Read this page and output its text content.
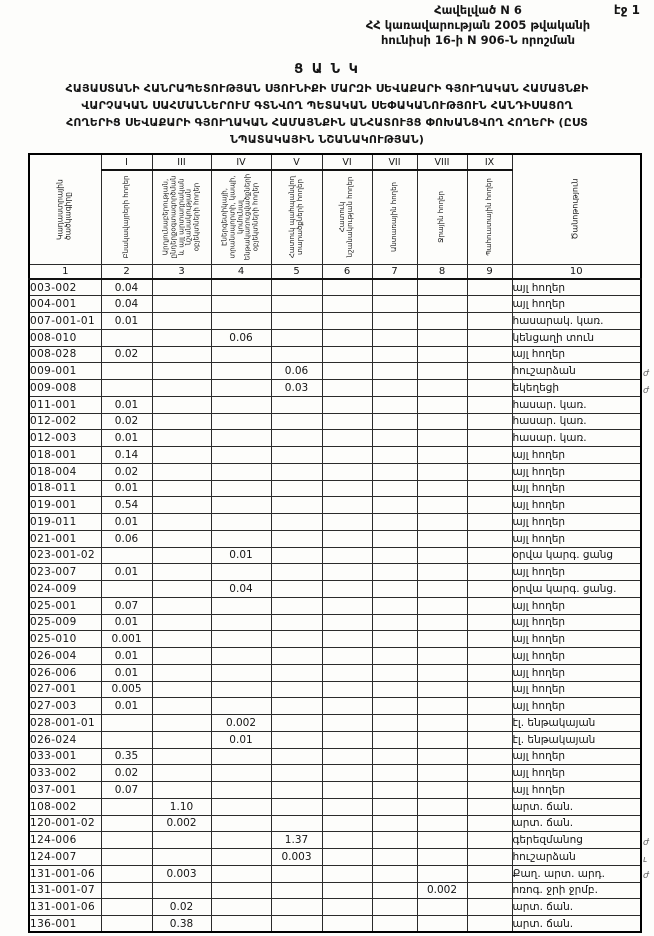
էջ 1
Հավելված N 6
ՀՀ կառավարության 2005 թվականի
հունիսի 16-ի N 906-Ն որոշման
Ց Ա Ն Կ
ՀԱՅԱՍՏԱՆԻ ՀԱՆՐԱՊԵՏՈՒԹՅԱՆ ՍՅՈՒՆԻՔԻ ՄԱՐԶԻ ՍԵՎԱՔԱՐԻ ԳՅՈՒՂԱԿԱՆ ՀԱՄԱՅՆՔԻ
ՎԱՐՉԱԿԱՆ ՍԱՀՄԱՆՆԵՐՈՒՄ ԳՏՆՎՈՂ ՊԵՏԱԿԱՆ ՍԵՓԱԿԱՆՈՒԹՅՈՒՆ ՀԱՆԴԻՍԱՑՈՂ
ՀՈՂԵՐԻՑ ՍԵՎԱՔԱՐԻ ԳՅՈՒՂԱԿԱՆ ՀԱՄԱՅՆՔԻՆ ԱՆՀԱՏՈՒՅՑ ՓՈԽԱՆՑՎՈՂ ՀՈՂԵՐԻ (ԸՍՏ
ՆՊԱՏԱԿԱՅԻՆ ՆՇԱՆԱԿՈՒԹՅԱՆ)
Կադաստրային ծածկագիրը	I	III	IV	V	VI	VII	VIII	IX	Ծանոթություն

	Բնակավայրերի հողեր	Արդյունաբերության, ընդերքօգտագործման և այլ արտադրական նշանակության օբյեկտների հողեր	Էներգետիկայի, տրանսպորտի, կապի, կոմունալ ենթակառուցվածքների օբյեկտների հողեր	Հատուկ պահպանվող տարածքների հողեր	Հատուկ նշանակության հողեր	Անտառային հողեր	Ջրային հողեր	Պահուստային հողեր	

1	2	3	4	5	6	7	8	9	10
003-002	0.04								այլ հողեր
004-001	0.04								այլ հողեր
007-001-01	0.01								հասարակ. կառ.
008-010			0.06						կենցաղի տուն
008-028	0.02								այլ հողեր
009-001				0.06					հուշարձան
009-008				0.03					եկեղեցի
011-001	0.01								հասար. կառ.
012-002	0.02								հասար. կառ.
012-003	0.01								հասար. կառ.
018-001	0.14								այլ հողեր
018-004	0.02								այլ հողեր
018-011	0.01								այլ հողեր
019-001	0.54								այլ հողեր
019-011	0.01								այլ հողեր
021-001	0.06								այլ հողեր
023-001-02			0.01						օրվա կարգ. ցանց
023-007	0.01								այլ հողեր
024-009			0.04						օրվա կարգ. ցանց.
025-001	0.07								այլ հողեր
025-009	0.01								այլ հողեր
025-010	0.001								այլ հողեր
026-004	0.01								այլ հողեր
026-006	0.01								այլ հողեր
027-001	0.005								այլ հողեր
027-003	0.01								այլ հողեր
028-001-01			0.002						էլ. ենթակայան
026-024			0.01						էլ. ենթակայան
033-001	0.35								այլ հողեր
033-002	0.02								այլ հողեր
037-001	0.07								այլ հողեր
108-002		1.10							արտ. ճան.
120-001-02		0.002							արտ. ճան.
124-006				1.37					գերեզմանոց
124-007				0.003					հուշարձան
131-001-06		0.003							Քաղ. արտ. արդ.
131-001-07							0.002		ոռոգ. ջրի ջրմբ.
131-001-06		0.02							արտ. ճան.
136-001		0.38							արտ. ճան.
ժ
ժ
ժ
ւ
ժ
